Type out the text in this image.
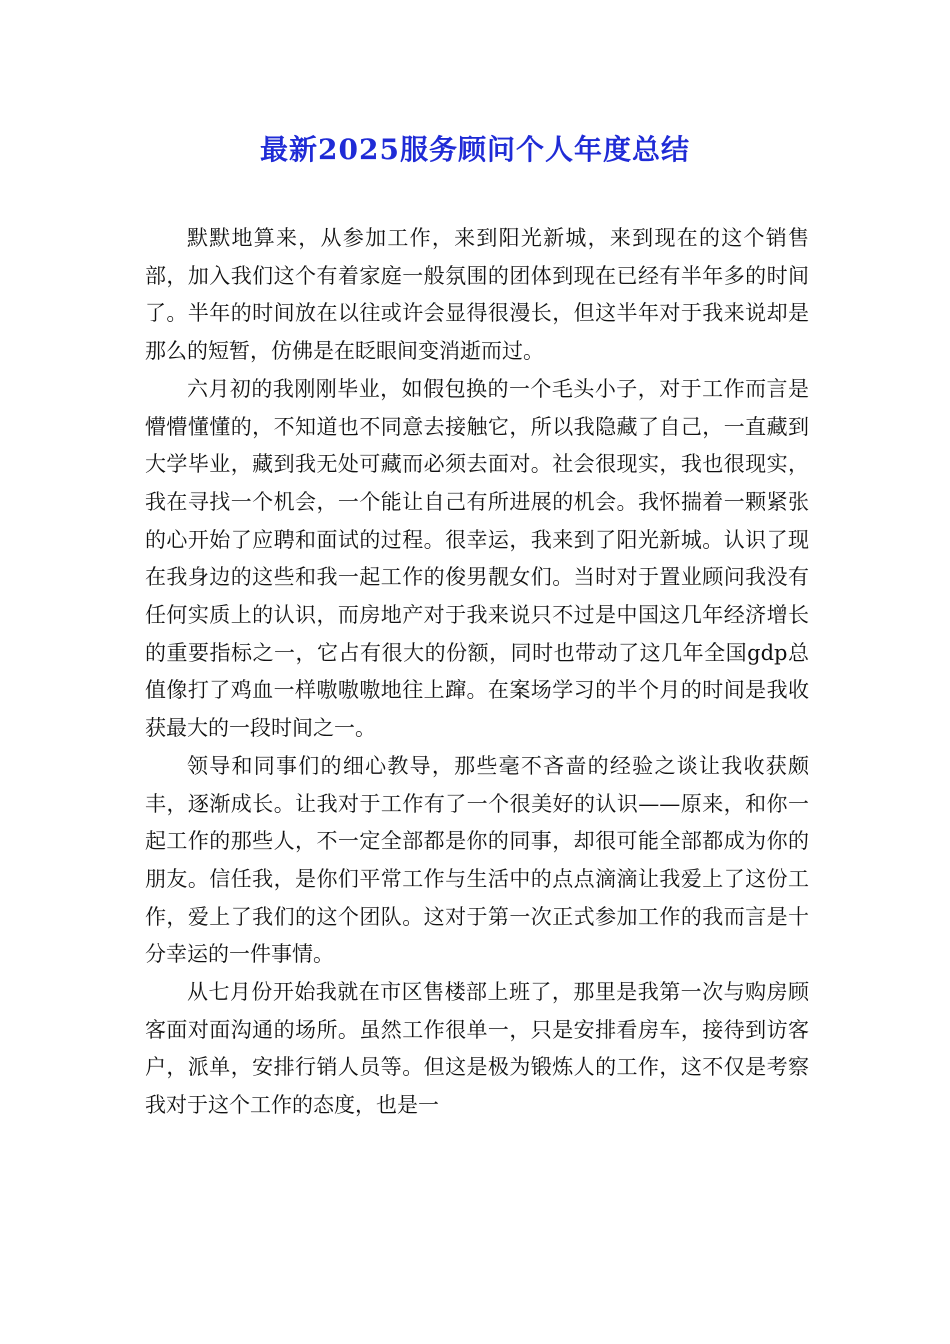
最新2025服务顾问个人年度总结

默默地算来，从参加工作，来到阳光新城，来到现在的这个销售部，加入我们这个有着家庭一般氛围的团体到现在已经有半年多的时间了。半年的时间放在以往或许会显得很漫长，但这半年对于我来说却是那么的短暂，仿佛是在眨眼间变消逝而过。

六月初的我刚刚毕业，如假包换的一个毛头小子，对于工作而言是懵懵懂懂的，不知道也不同意去接触它，所以我隐藏了自己，一直藏到大学毕业，藏到我无处可藏而必须去面对。社会很现实，我也很现实，我在寻找一个机会，一个能让自己有所进展的机会。我怀揣着一颗紧张的心开始了应聘和面试的过程。很幸运，我来到了阳光新城。认识了现在我身边的这些和我一起工作的俊男靓女们。当时对于置业顾问我没有任何实质上的认识，而房地产对于我来说只不过是中国这几年经济增长的重要指标之一，它占有很大的份额，同时也带动了这几年全国gdp总值像打了鸡血一样嗷嗷嗷地往上蹿。在案场学习的半个月的时间是我收获最大的一段时间之一。

领导和同事们的细心教导，那些毫不吝啬的经验之谈让我收获颇丰，逐渐成长。让我对于工作有了一个很美好的认识——原来，和你一起工作的那些人，不一定全部都是你的同事，却很可能全部都成为你的朋友。信任我，是你们平常工作与生活中的点点滴滴让我爱上了这份工作，爱上了我们的这个团队。这对于第一次正式参加工作的我而言是十分幸运的一件事情。

从七月份开始我就在市区售楼部上班了，那里是我第一次与购房顾客面对面沟通的场所。虽然工作很单一，只是安排看房车，接待到访客户，派单，安排行销人员等。但这是极为锻炼人的工作，这不仅是考察我对于这个工作的态度，也是一
